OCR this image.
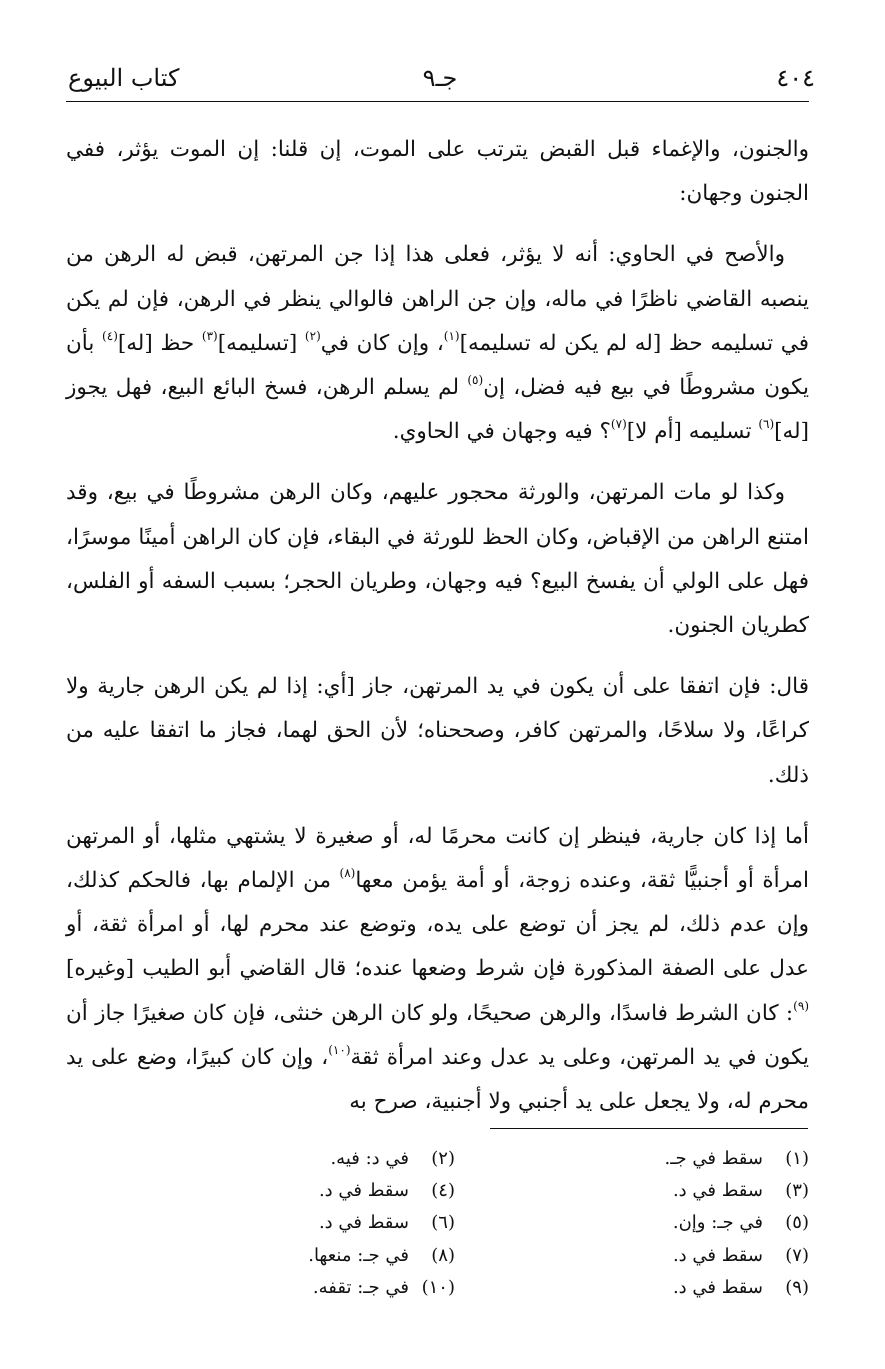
٤٠٤
جـ٩
كتاب البيوع

والجنون، والإغماء قبل القبض يترتب على الموت، إن قلنا: إن الموت يؤثر، ففي الجنون وجهان:

والأصح في الحاوي: أنه لا يؤثر، فعلى هذا إذا جن المرتهن، قبض له الرهن من ينصبه القاضي ناظرًا في ماله، وإن جن الراهن فالوالي ينظر في الرهن، فإن لم يكن في تسليمه حظ [له لم يكن له تسليمه]$^{(١)}$، وإن كان في$^{(٢)}$ [تسليمه]$^{(٣)}$ حظ [له]$^{(٤)}$ بأن يكون مشروطًا في بيع فيه فضل، إن$^{(٥)}$ لم يسلم الرهن، فسخ البائع البيع، فهل يجوز [له]$^{(٦)}$ تسليمه [أم لا]$^{(٧)}$؟ فيه وجهان في الحاوي.

وكذا لو مات المرتهن، والورثة محجور عليهم، وكان الرهن مشروطًا في بيع، وقد امتنع الراهن من الإقباض، وكان الحظ للورثة في البقاء، فإن كان الراهن أمينًا موسرًا، فهل على الولي أن يفسخ البيع؟ فيه وجهان، وطريان الحجر؛ بسبب السفه أو الفلس، كطريان الجنون.

قال: فإن اتفقا على أن يكون في يد المرتهن، جاز [أي: إذا لم يكن الرهن جارية ولا كراعًا، ولا سلاحًا، والمرتهن كافر، وصححناه؛ لأن الحق لهما، فجاز ما اتفقا عليه من ذلك.

أما إذا كان جارية، فينظر إن كانت محرمًا له، أو صغيرة لا يشتهي مثلها، أو المرتهن امرأة أو أجنبيًّا ثقة، وعنده زوجة، أو أمة يؤمن معها$^{(٨)}$ من الإلمام بها، فالحكم كذلك، وإن عدم ذلك، لم يجز أن توضع على يده، وتوضع عند محرم لها، أو امرأة ثقة، أو عدل على الصفة المذكورة فإن شرط وضعها عنده؛ قال القاضي أبو الطيب [وغيره]$^{(٩)}$: كان الشرط فاسدًا، والرهن صحيحًا، ولو كان الرهن خنثى، فإن كان صغيرًا جاز أن يكون في يد المرتهن، وعلى يد عدل وعند امرأة ثقة$^{(١٠)}$، وإن كان كبيرًا، وضع على يد محرم له، ولا يجعل على يد أجنبي ولا أجنبية، صرح به

(١)
سقط في جـ.
(٣)
سقط في د.
(٥)
في جـ: وإن.
(٧)
سقط في د.
(٩)
سقط في د.
(٢)
في د: فيه.
(٤)
سقط في د.
(٦)
سقط في د.
(٨)
في جـ: منعها.
(١٠)
في جـ: تقفه.
